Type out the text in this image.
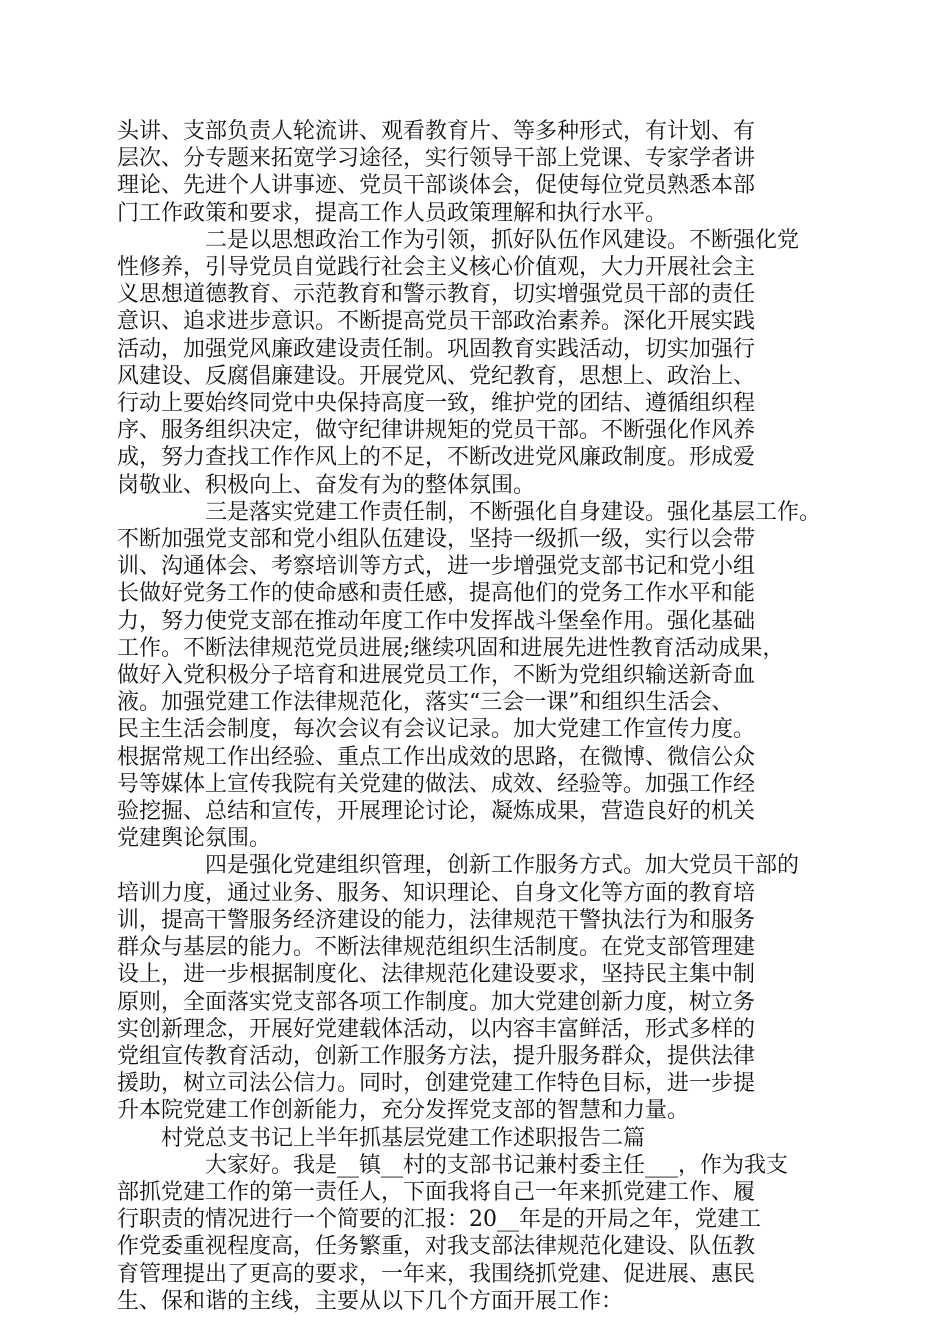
头讲、支部负责人轮流讲、观看教育片、等多种形式，有计划、有
层次、分专题来拓宽学习途径，实行领导干部上党课、专家学者讲
理论、先进个人讲事迹、党员干部谈体会，促使每位党员熟悉本部
门工作政策和要求，提高工作人员政策理解和执行水平。
二是以思想政治工作为引领，抓好队伍作风建设。不断强化党
性修养，引导党员自觉践行社会主义核心价值观，大力开展社会主
义思想道德教育、示范教育和警示教育，切实增强党员干部的责任
意识、追求进步意识。不断提高党员干部政治素养。深化开展实践
活动，加强党风廉政建设责任制。巩固教育实践活动，切实加强行
风建设、反腐倡廉建设。开展党风、党纪教育，思想上、政治上、
行动上要始终同党中央保持高度一致，维护党的团结、遵循组织程
序、服务组织决定，做守纪律讲规矩的党员干部。不断强化作风养
成，努力查找工作作风上的不足，不断改进党风廉政制度。形成爱
岗敬业、积极向上、奋发有为的整体氛围。
三是落实党建工作责任制，不断强化自身建设。强化基层工作。
不断加强党支部和党小组队伍建设，坚持一级抓一级，实行以会带
训、沟通体会、考察培训等方式，进一步增强党支部书记和党小组
长做好党务工作的使命感和责任感，提高他们的党务工作水平和能
力，努力使党支部在推动年度工作中发挥战斗堡垒作用。强化基础
工作。不断法律规范党员进展;继续巩固和进展先进性教育活动成果，
做好入党积极分子培育和进展党员工作，不断为党组织输送新奇血
液。加强党建工作法律规范化，落实“三会一课”和组织生活会、
民主生活会制度，每次会议有会议记录。加大党建工作宣传力度。
根据常规工作出经验、重点工作出成效的思路，在微博、微信公众
号等媒体上宣传我院有关党建的做法、成效、经验等。加强工作经
验挖掘、总结和宣传，开展理论讨论，凝炼成果，营造良好的机关
党建舆论氛围。
四是强化党建组织管理，创新工作服务方式。加大党员干部的
培训力度，通过业务、服务、知识理论、自身文化等方面的教育培
训，提高干警服务经济建设的能力，法律规范干警执法行为和服务
群众与基层的能力。不断法律规范组织生活制度。在党支部管理建
设上，进一步根据制度化、法律规范化建设要求，坚持民主集中制
原则，全面落实党支部各项工作制度。加大党建创新力度，树立务
实创新理念，开展好党建载体活动，以内容丰富鲜活，形式多样的
党组宣传教育活动，创新工作服务方法，提升服务群众，提供法律
援助，树立司法公信力。同时，创建党建工作特色目标，进一步提
升本院党建工作创新能力，充分发挥党支部的智慧和力量。
村党总支书记上半年抓基层党建工作述职报告二篇
大家好。我是__镇__村的支部书记兼村委主任___，作为我支
部抓党建工作的第一责任人，下面我将自己一年来抓党建工作、履
行职责的情况进行一个简要的汇报：20__年是的开局之年，党建工
作党委重视程度高，任务繁重，对我支部法律规范化建设、队伍教
育管理提出了更高的要求，一年来，我围绕抓党建、促进展、惠民
生、保和谐的主线，主要从以下几个方面开展工作：
